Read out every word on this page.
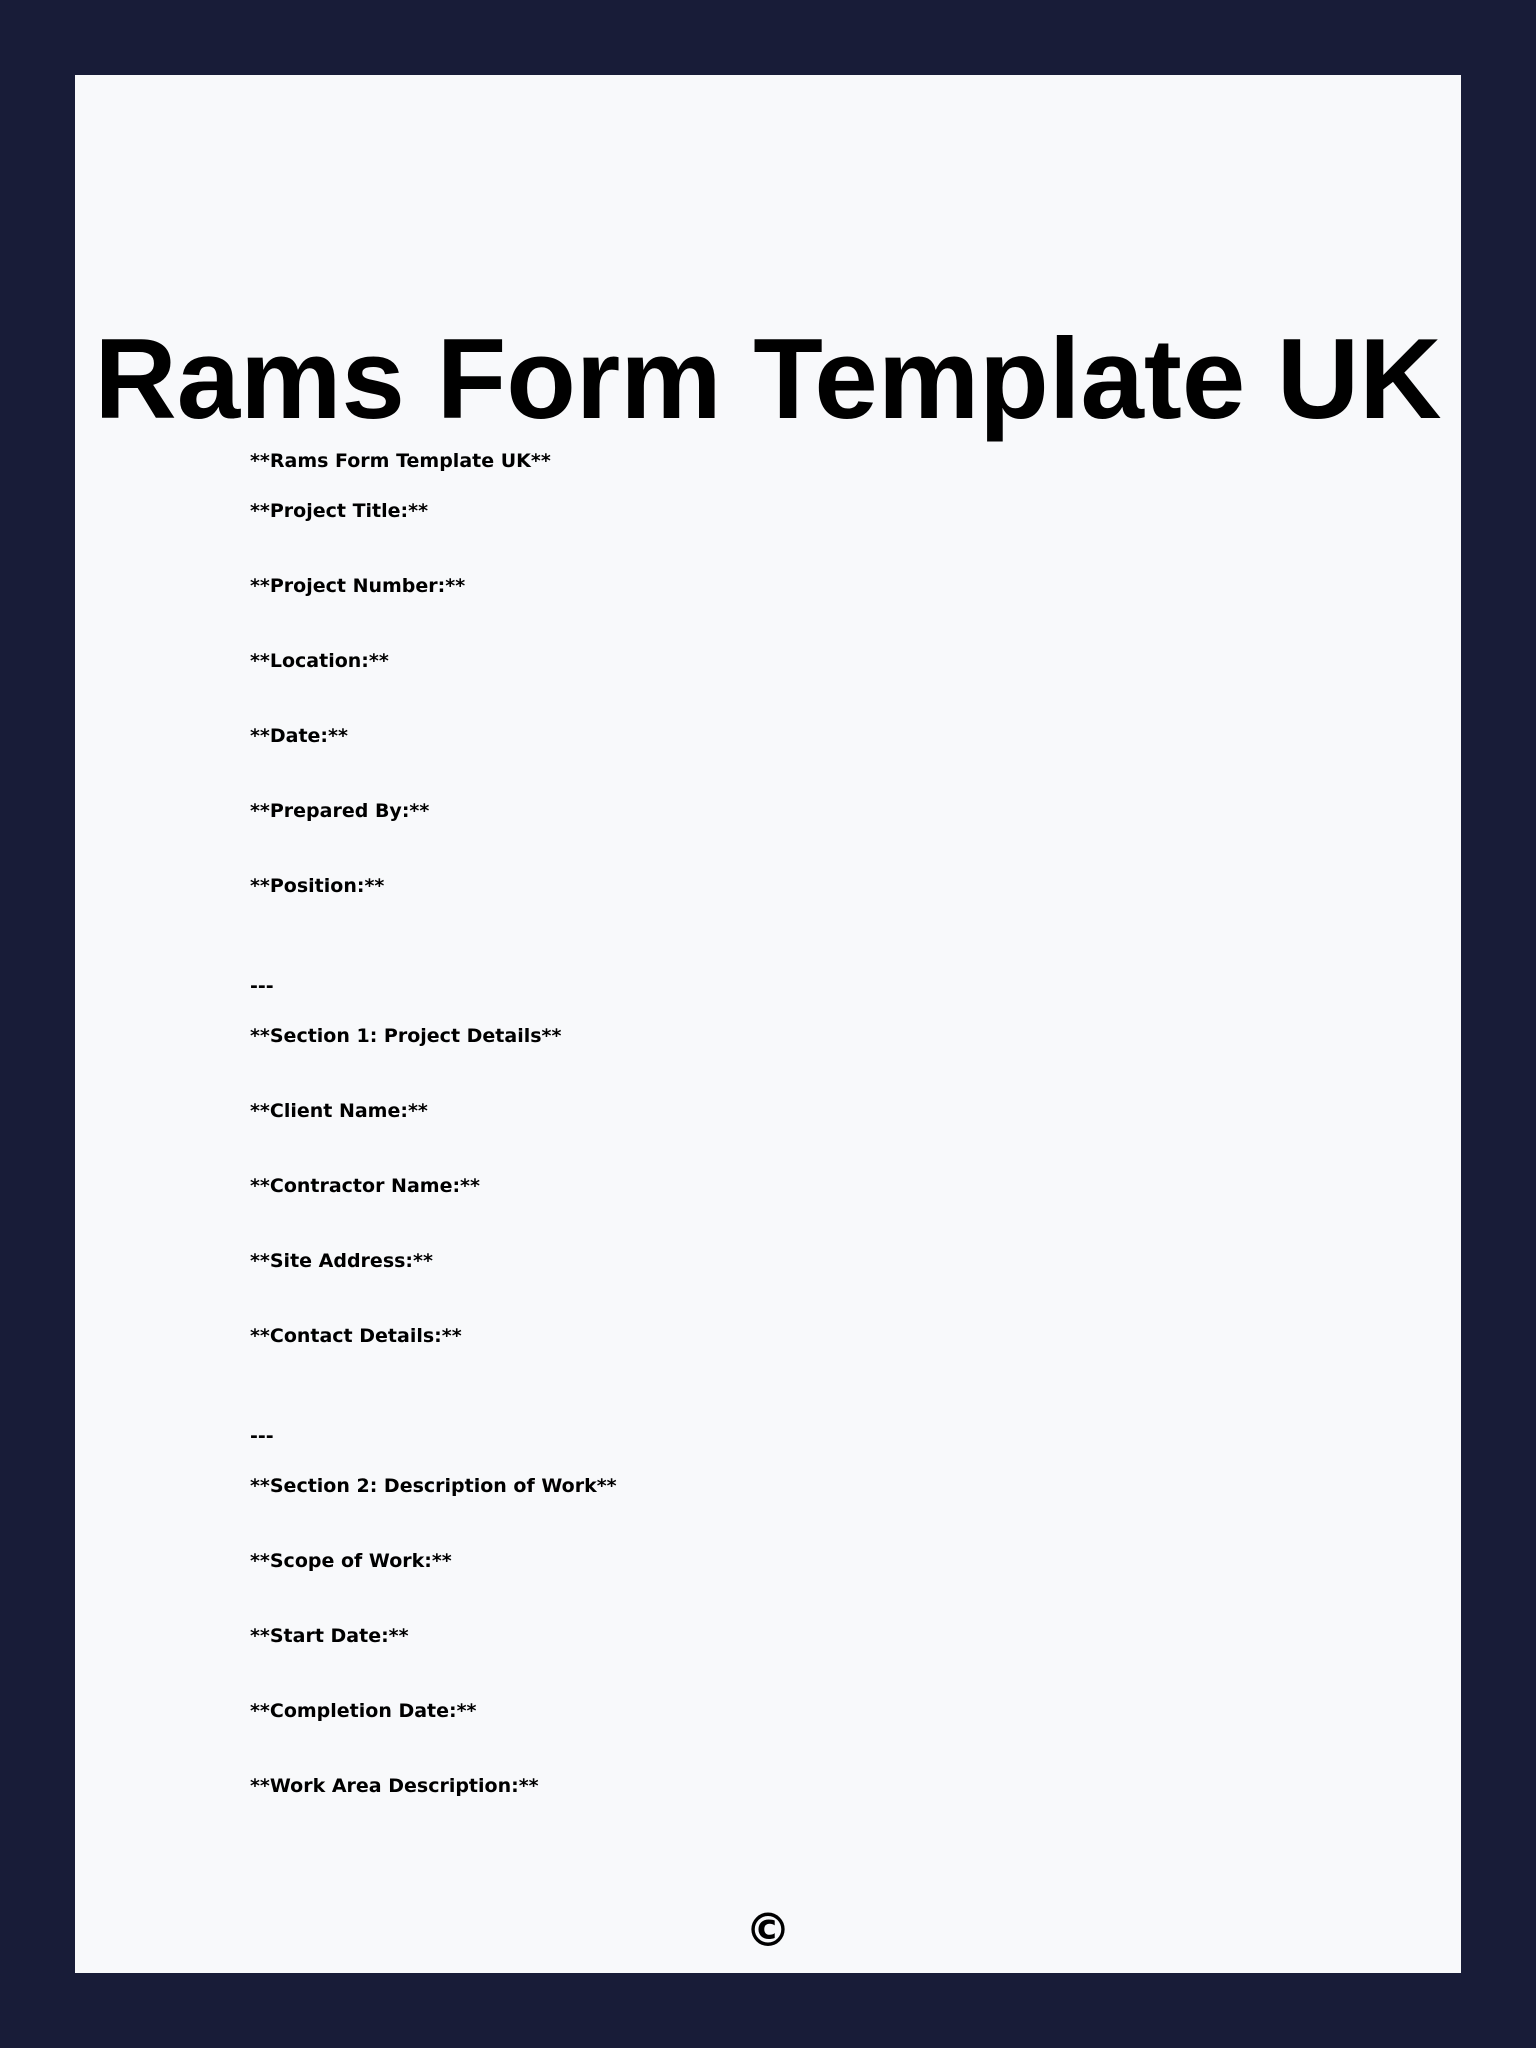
Rams Form Template UK
**Rams Form Template UK**
**Project Title:**
**Project Number:**
**Location:**
**Date:**
**Prepared By:**
**Position:**
---
**Section 1: Project Details**
**Client Name:**
**Contractor Name:**
**Site Address:**
**Contact Details:**
---
**Section 2: Description of Work**
**Scope of Work:**
**Start Date:**
**Completion Date:**
**Work Area Description:**
©
